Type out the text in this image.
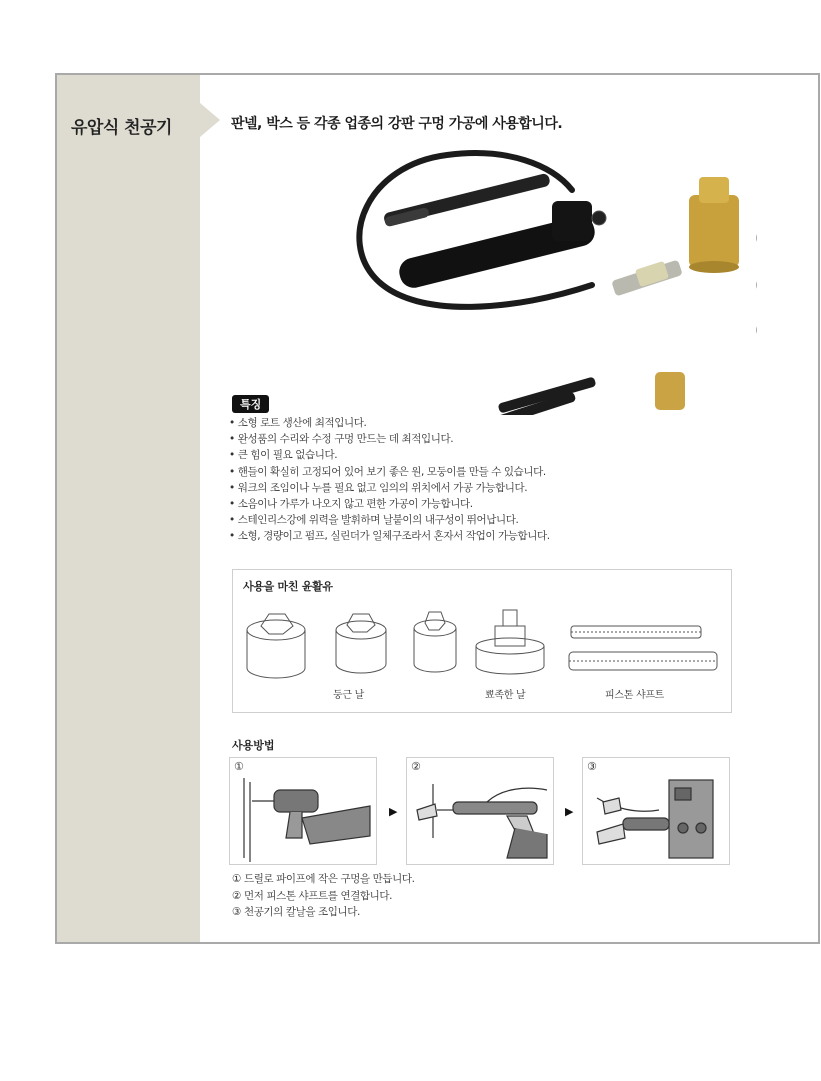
유압식 천공기	판넬, 박스 등 각종 업종의 강판 구멍 가공에 사용합니다.
특징
• 소형 로트 생산에 최적입니다.
• 완성품의 수리와 수정 구멍 만드는 데 최적입니다.
• 큰 힘이 필요 없습니다.
• 핸들이 확실히 고정되어 있어 보기 좋은 원, 모둥이를 만들 수 있습니다.
• 워크의 조임이나 누를 필요 없고 임의의 위치에서 가공 가능합니다.
• 소음이나 가루가 나오지 않고 편한 가공이 가능합니다.
• 스테인리스강에 위력을 발휘하며 날붙이의 내구성이 뛰어납니다.
• 소형, 경량이고 펌프, 실린더가 일체구조라서 혼자서 작업이 가능합니다.
사용을 마친 윤활유
둥근 날	뾰족한 날	피스톤 샤프트
사용방법
①
▶
②
▶
③
① 드릴로 파이프에 작은 구멍을 만듭니다.
② 먼저 피스톤 샤프트를 연결합니다.
③ 천공기의 칼날을 조입니다.
